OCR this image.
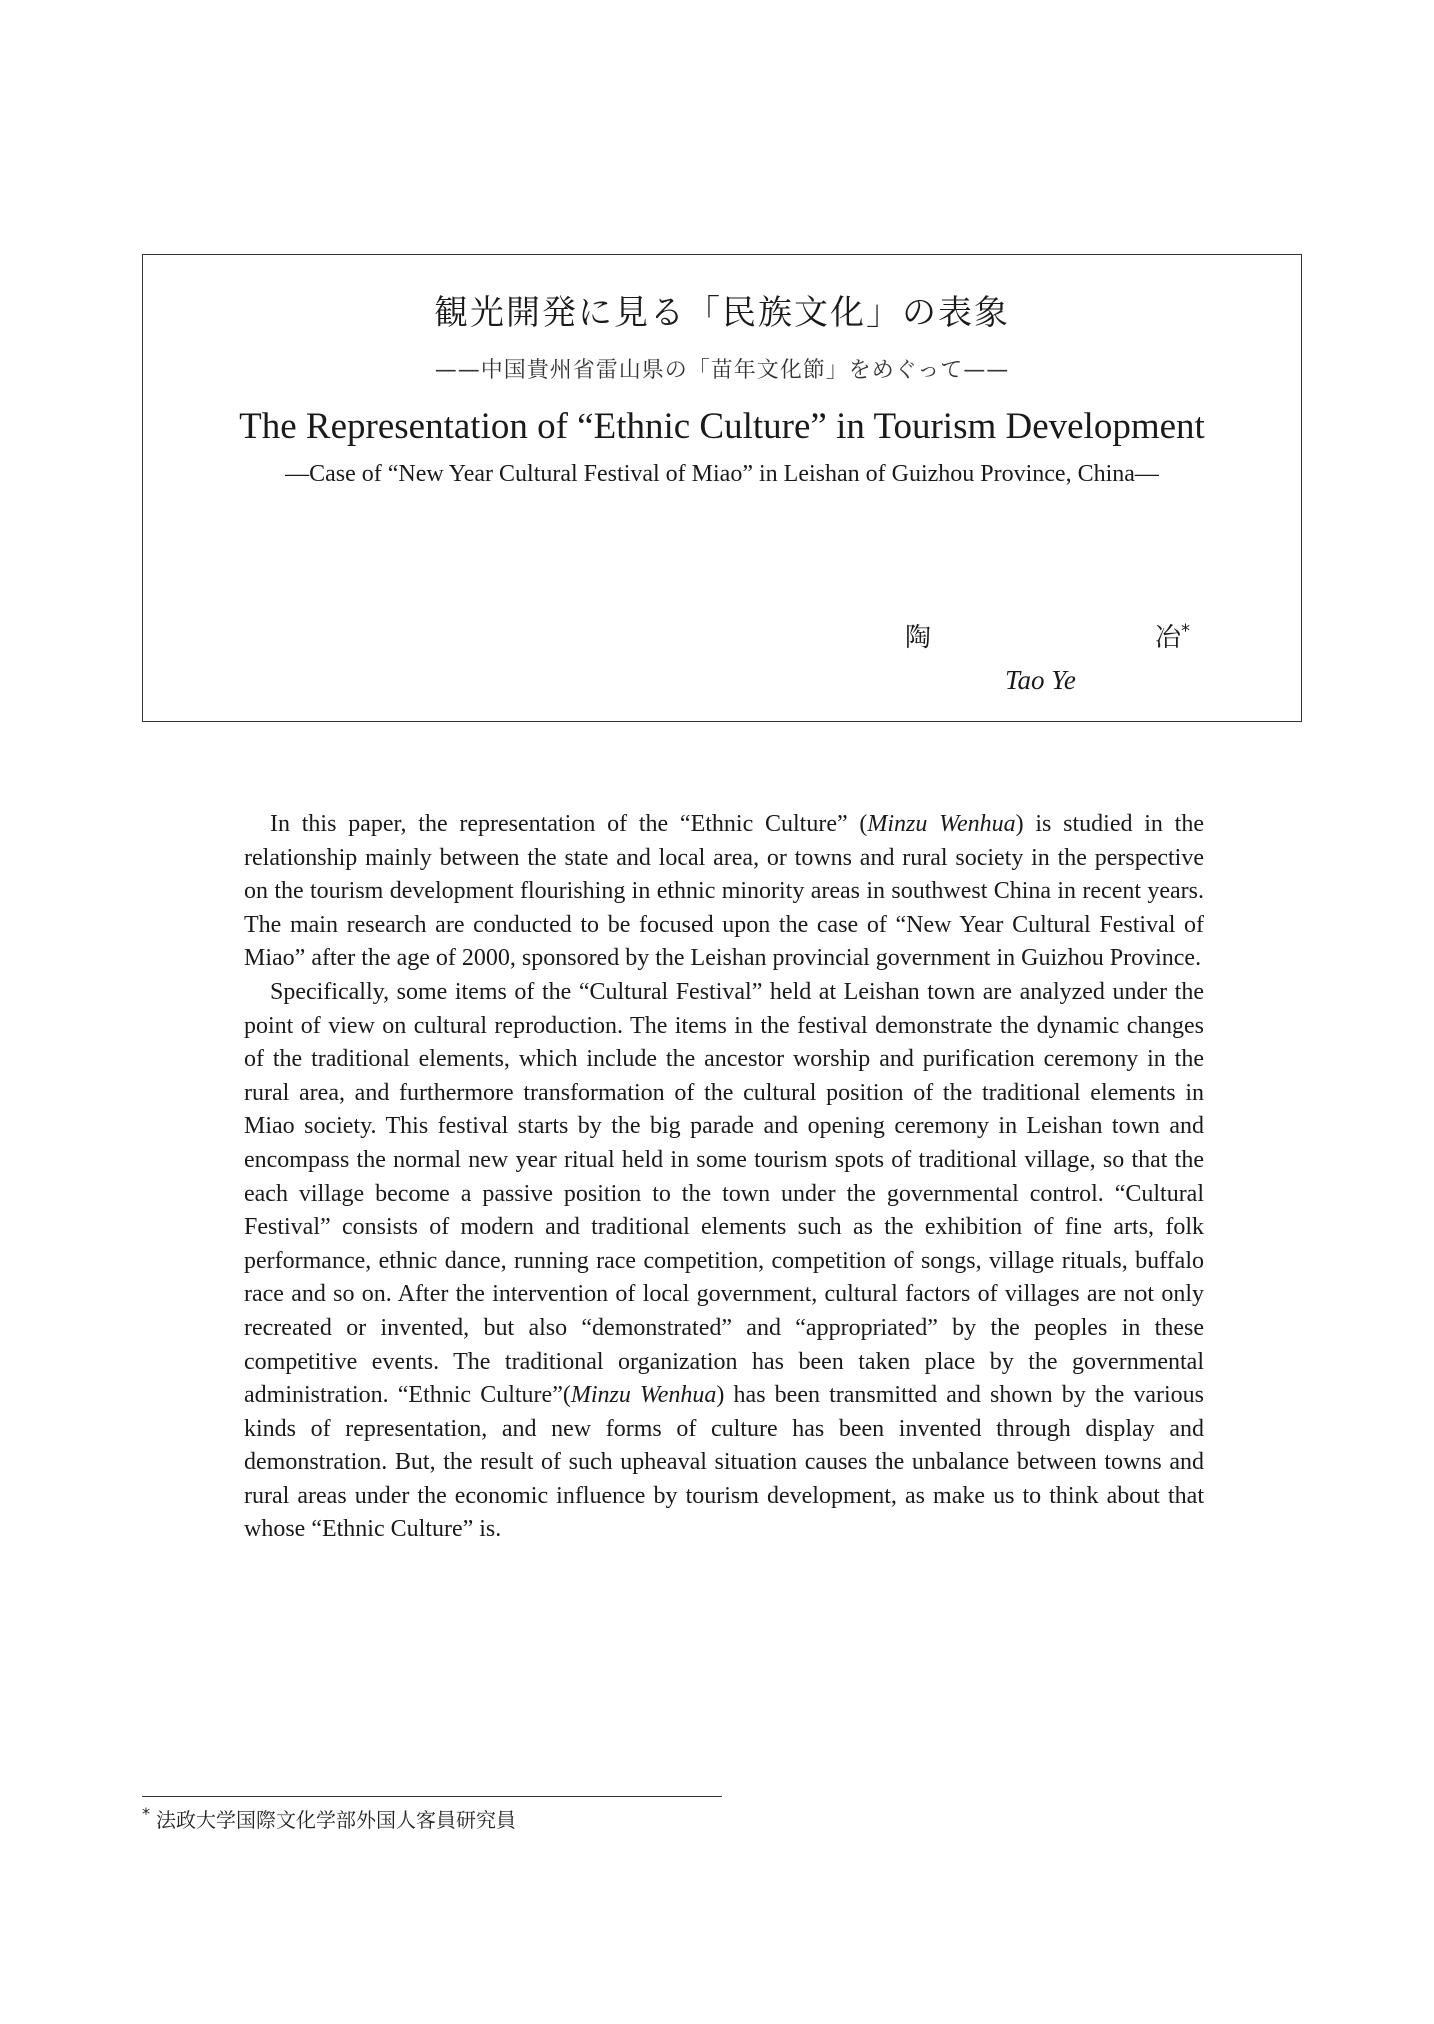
観光開発に見る「民族文化」の表象
——中国貴州省雷山県の「苗年文化節」をめぐって——
The Representation of “Ethnic Culture” in Tourism Development
—Case of “New Year Cultural Festival of Miao” in Leishan of Guizhou Province, China—
陶	冶*
Tao Ye

In this paper, the representation of the “Ethnic Culture” (Minzu Wenhua) is studied in the relationship mainly between the state and local area, or towns and rural society in the perspective on the tourism development flourishing in ethnic minority areas in southwest China in recent years. The main research are conducted to be focused upon the case of “New Year Cultural Festival of Miao” after the age of 2000, sponsored by the Leishan provincial government in Guizhou Province.

Specifically, some items of the “Cultural Festival” held at Leishan town are analyzed under the point of view on cultural reproduction. The items in the festival demonstrate the dynamic changes of the traditional elements, which include the ancestor worship and purification ceremony in the rural area, and furthermore transformation of the cultural position of the traditional elements in Miao society. This festival starts by the big parade and opening ceremony in Leishan town and encompass the normal new year ritual held in some tourism spots of traditional village, so that the each village become a passive position to the town under the governmental control. “Cultural Festival” consists of modern and traditional elements such as the exhibition of fine arts, folk performance, ethnic dance, running race competition, competition of songs, village rituals, buffalo race and so on. After the intervention of local government, cultural factors of villages are not only recreated or invented, but also “demonstrated” and “appropriated” by the peoples in these competitive events. The traditional organization has been taken place by the governmental administration. “Ethnic Culture”(Minzu Wenhua) has been transmitted and shown by the various kinds of representation, and new forms of culture has been invented through display and demonstration. But, the result of such upheaval situation causes the unbalance between towns and rural areas under the economic influence by tourism development, as make us to think about that whose “Ethnic Culture” is.

* 法政大学国際文化学部外国人客員研究員
